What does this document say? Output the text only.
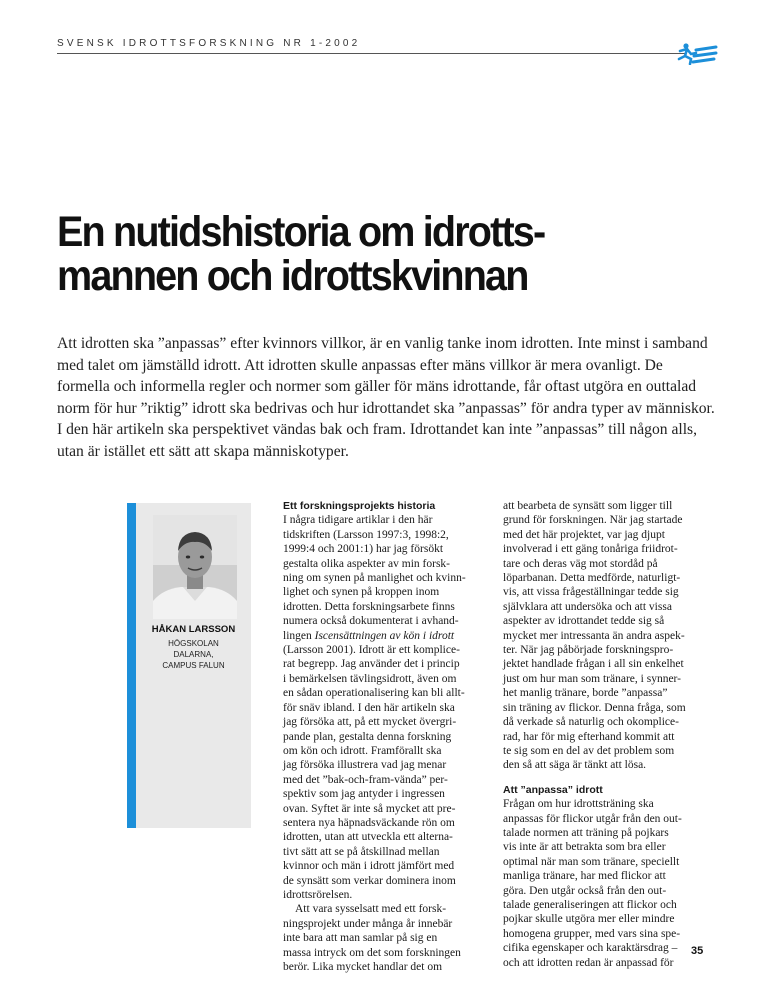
SVENSK IDROTTSFORSKNING NR 1-2002
En nutidshistoria om idrotts-
mannen och idrottskvinnan

Att idrotten ska ”anpassas” efter kvinnors villkor, är en vanlig tanke inom idrotten. Inte minst i samband med talet om jämställd idrott. Att idrotten skulle anpassas efter mäns villkor är mera ovanligt. De formella och informella regler och normer som gäller för mäns idrottande, får oftast utgöra en outtalad norm för hur ”riktig” idrott ska bedrivas och hur idrottandet ska ”anpassas” för andra typer av människor. I den här artikeln ska perspektivet vändas bak och fram. Idrottandet kan inte ”anpassas” till någon alls, utan är istället ett sätt att skapa människotyper.

HÅKAN LARSSON
HÖGSKOLAN
DALARNA,
CAMPUS FALUN
Ett forskningsprojekts historia

I några tidigare artiklar i den här
tidskriften (Larsson 1997:3, 1998:2,
1999:4 och 2001:1) har jag försökt
gestalta olika aspekter av min forsk-
ning om synen på manlighet och kvinn-
lighet och synen på kroppen inom
idrotten. Detta forskningsarbete finns
numera också dokumenterat i avhand-
lingen Iscensättningen av kön i idrott
(Larsson 2001). Idrott är ett komplice-
rat begrepp. Jag använder det i princip
i bemärkelsen tävlingsidrott, även om
en sådan operationalisering kan bli allt-
för snäv ibland. I den här artikeln ska
jag försöka att, på ett mycket övergri-
pande plan, gestalta denna forskning
om kön och idrott. Framförallt ska
jag försöka illustrera vad jag menar
med det ”bak-och-fram-vända” per-
spektiv som jag antyder i ingressen
ovan. Syftet är inte så mycket att pre-
sentera nya häpnadsväckande rön om
idrotten, utan att utveckla ett alterna-
tivt sätt att se på åtskillnad mellan
kvinnor och män i idrott jämfört med
de synsätt som verkar dominera inom
idrottsrörelsen.

Att vara sysselsatt med ett forsk-
ningsprojekt under många år innebär
inte bara att man samlar på sig en
massa intryck om det som forskningen
berör. Lika mycket handlar det om

att bearbeta de synsätt som ligger till
grund för forskningen. När jag startade
med det här projektet, var jag djupt
involverad i ett gäng tonåriga friidrot-
tare och deras väg mot stordåd på
löparbanan. Detta medförde, naturligt-
vis, att vissa frågeställningar tedde sig
självklara att undersöka och att vissa
aspekter av idrottandet tedde sig så
mycket mer intressanta än andra aspek-
ter. När jag påbörjade forskningspro-
jektet handlade frågan i all sin enkelhet
just om hur man som tränare, i synner-
het manlig tränare, borde ”anpassa”
sin träning av flickor. Denna fråga, som
då verkade så naturlig och okomplice-
rad, har för mig efterhand kommit att
te sig som en del av det problem som
den så att säga är tänkt att lösa.

Att ”anpassa” idrott

Frågan om hur idrottsträning ska
anpassas för flickor utgår från den out-
talade normen att träning på pojkars
vis inte är att betrakta som bra eller
optimal när man som tränare, speciellt
manliga tränare, har med flickor att
göra. Den utgår också från den out-
talade generaliseringen att flickor och
pojkar skulle utgöra mer eller mindre
homogena grupper, med vars sina spe-
cifika egenskaper och karaktärsdrag –
och att idrotten redan är anpassad för

35
